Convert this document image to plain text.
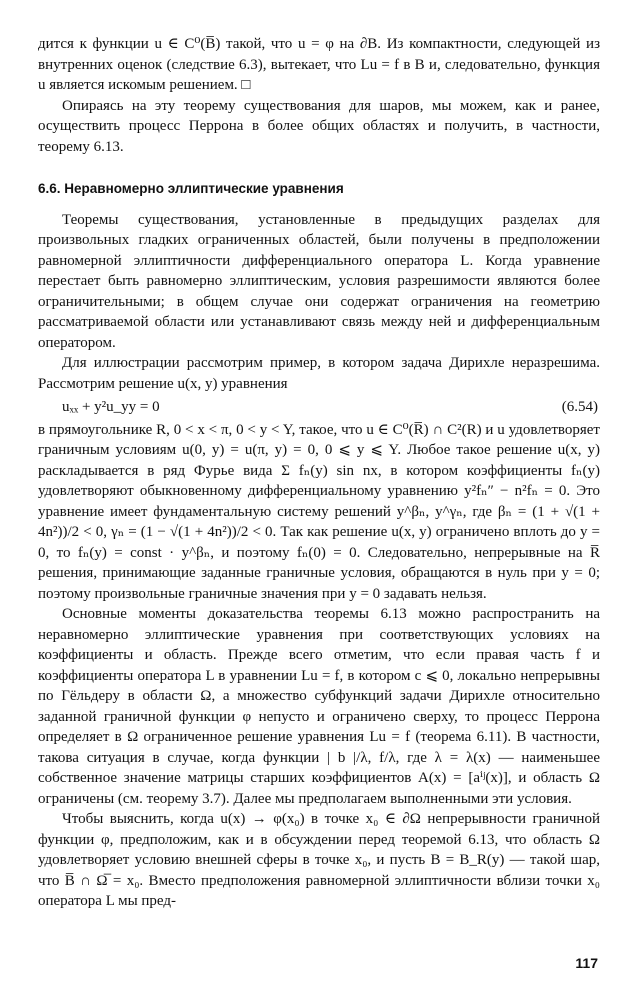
дится к функции u ∈ C⁰(B̅) такой, что u = φ на ∂B. Из компактности, следующей из внутренних оценок (следствие 6.3), вытекает, что Lu = f в B и, следовательно, функция u является искомым решением. □

Опираясь на эту теорему существования для шаров, мы можем, как и ранее, осуществить процесс Перрона в более общих областях и получить, в частности, теорему 6.13.

6.6. Неравномерно эллиптические уравнения

Теоремы существования, установленные в предыдущих разделах для произвольных гладких ограниченных областей, были получены в предположении равномерной эллиптичности дифференциального оператора L. Когда уравнение перестает быть равномерно эллиптическим, условия разрешимости являются более ограничительными; в общем случае они содержат ограничения на геометрию рассматриваемой области или устанавливают связь между ней и дифференциальным оператором.

Для иллюстрации рассмотрим пример, в котором задача Дирихле неразрешима. Рассмотрим решение u(x, y) уравнения

uₓₓ + y²u_yy = 0	(6.54)

в прямоугольнике R, 0 < x < π, 0 < y < Y, такое, что u ∈ C⁰(R̅) ∩ C²(R) и u удовлетворяет граничным условиям u(0, y) = u(π, y) = 0, 0 ⩽ y ⩽ Y. Любое такое решение u(x, y) раскладывается в ряд Фурье вида Σ fₙ(y) sin nx, в котором коэффициенты fₙ(y) удовлетворяют обыкновенному дифференциальному уравнению y²fₙ″ − n²fₙ = 0. Это уравнение имеет фундаментальную систему решений y^βₙ, y^γₙ, где βₙ = (1 + √(1 + 4n²))/2 < 0, γₙ = (1 − √(1 + 4n²))/2 < 0. Так как решение u(x, y) ограничено вплоть до y = 0, то fₙ(y) = const · y^βₙ, и поэтому fₙ(0) = 0. Следовательно, непрерывные на R̅ решения, принимающие заданные граничные условия, обращаются в нуль при y = 0; поэтому произвольные граничные значения при y = 0 задавать нельзя.

Основные моменты доказательства теоремы 6.13 можно распространить на неравномерно эллиптические уравнения при соответствующих условиях на коэффициенты и область. Прежде всего отметим, что если правая часть f и коэффициенты оператора L в уравнении Lu = f, в котором c ⩽ 0, локально непрерывны по Гёльдеру в области Ω, а множество субфункций задачи Дирихле относительно заданной граничной функции φ непусто и ограничено сверху, то процесс Перрона определяет в Ω ограниченное решение уравнения Lu = f (теорема 6.11). В частности, такова ситуация в случае, когда функции | b |/λ, f/λ, где λ = λ(x) — наименьшее собственное значение матрицы старших коэффициентов A(x) = [aⁱʲ(x)], и область Ω ограничены (см. теорему 3.7). Далее мы предполагаем выполненными эти условия.

Чтобы выяснить, когда u(x) → φ(x₀) в точке x₀ ∈ ∂Ω непрерывности граничной функции φ, предположим, как и в обсуждении перед теоремой 6.13, что область Ω удовлетворяет условию внешней сферы в точке x₀, и пусть B = B_R(y) — такой шар, что B̅ ∩ Ω̅ = x₀. Вместо предположения равномерной эллиптичности вблизи точки x₀ оператора L мы пред-

117
